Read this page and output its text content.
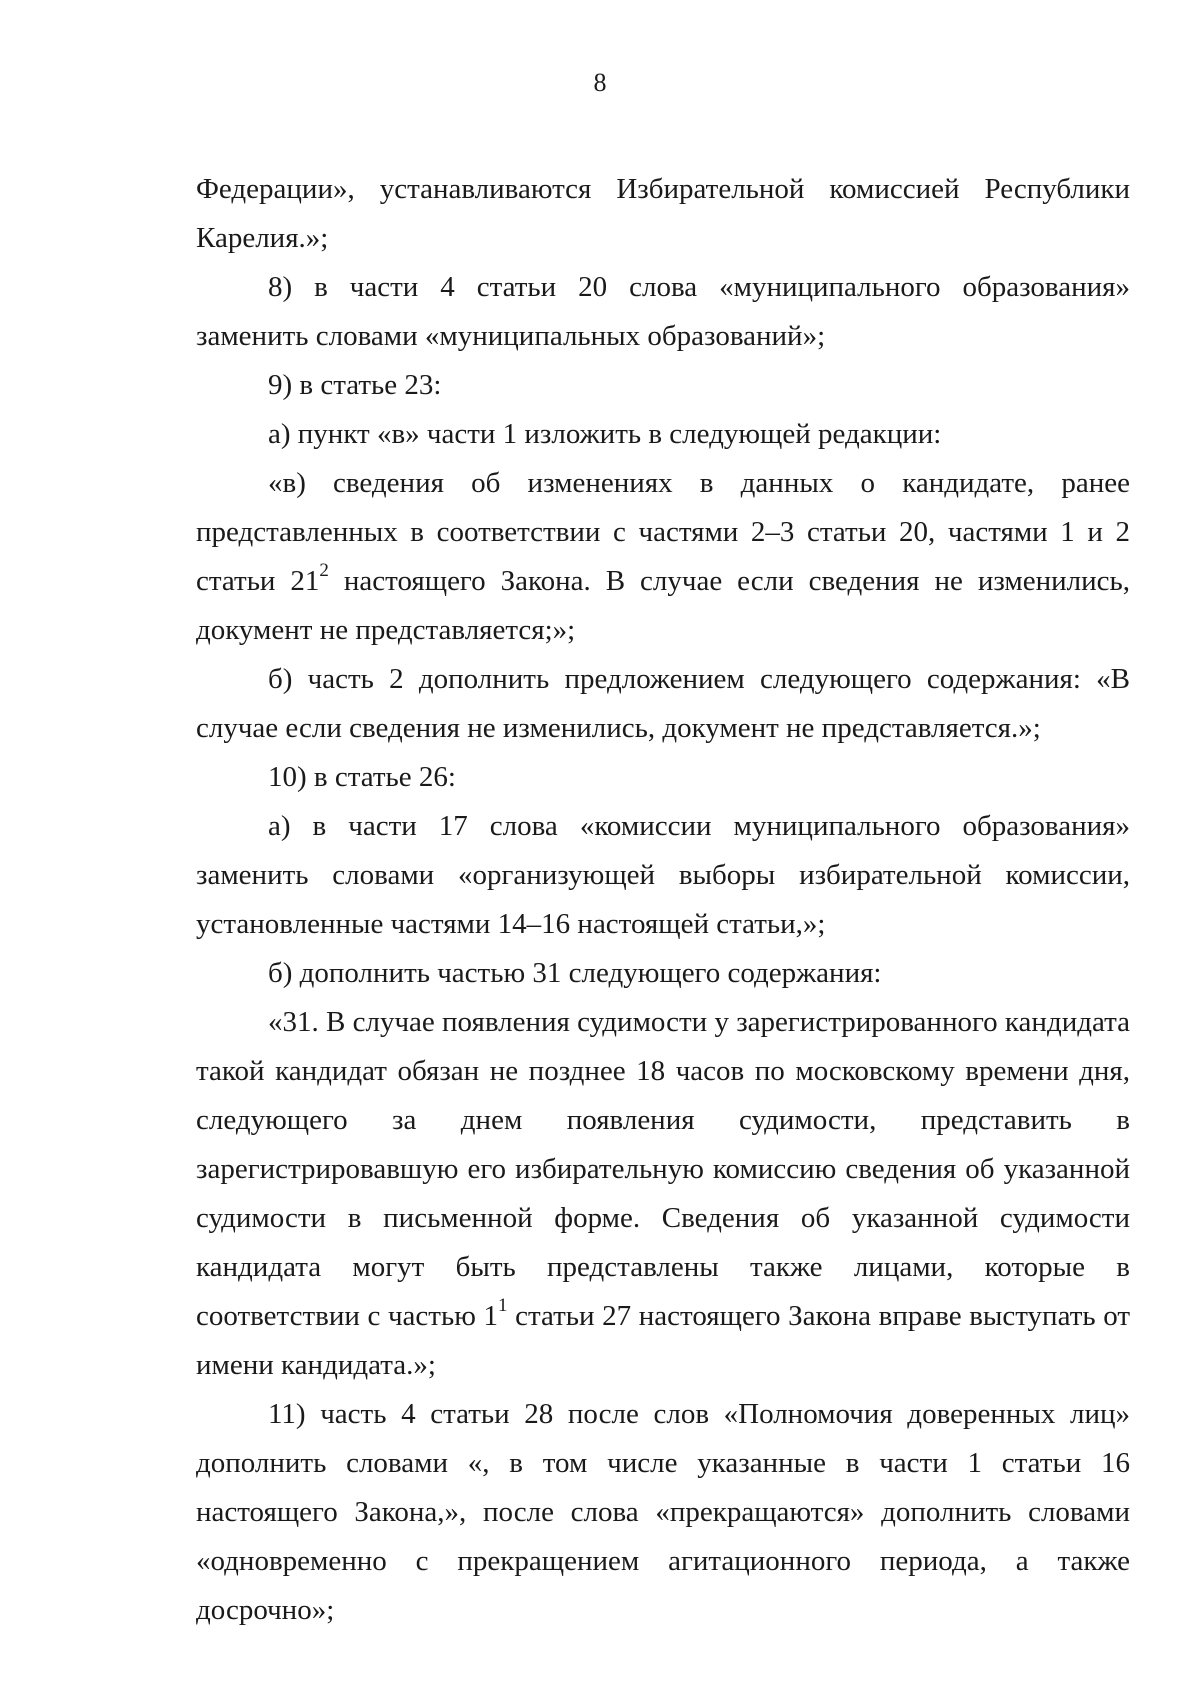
8

Федерации», устанавливаются Избирательной комиссией Республики Карелия.»;

8) в части 4 статьи 20 слова «муниципального образования» заменить словами «муниципальных образований»;

9) в статье 23:

а) пункт «в» части 1 изложить в следующей редакции:

«в) сведения об изменениях в данных о кандидате, ранее представленных в соответствии с частями 2–3 статьи 20, частями 1 и 2 статьи $21^2$ настоящего Закона. В случае если сведения не изменились, документ не представляется;»;

б) часть 2 дополнить предложением следующего содержания: «В случае если сведения не изменились, документ не представляется.»;

10) в статье 26:

а) в части 17 слова «комиссии муниципального образования» заменить словами «организующей выборы избирательной комиссии, установленные частями 14–16 настоящей статьи,»;

б) дополнить частью 31 следующего содержания:

«31. В случае появления судимости у зарегистрированного кандидата такой кандидат обязан не позднее 18 часов по московскому времени дня, следующего за днем появления судимости, представить в зарегистрировавшую его избирательную комиссию сведения об указанной судимости в письменной форме. Сведения об указанной судимости кандидата могут быть представлены также лицами, которые в соответствии с частью $1^1$ статьи 27 настоящего Закона вправе выступать от имени кандидата.»;

11) часть 4 статьи 28 после слов «Полномочия доверенных лиц» дополнить словами «, в том числе указанные в части 1 статьи 16 настоящего Закона,», после слова «прекращаются» дополнить словами «одновременно с прекращением агитационного периода, а также досрочно»;
